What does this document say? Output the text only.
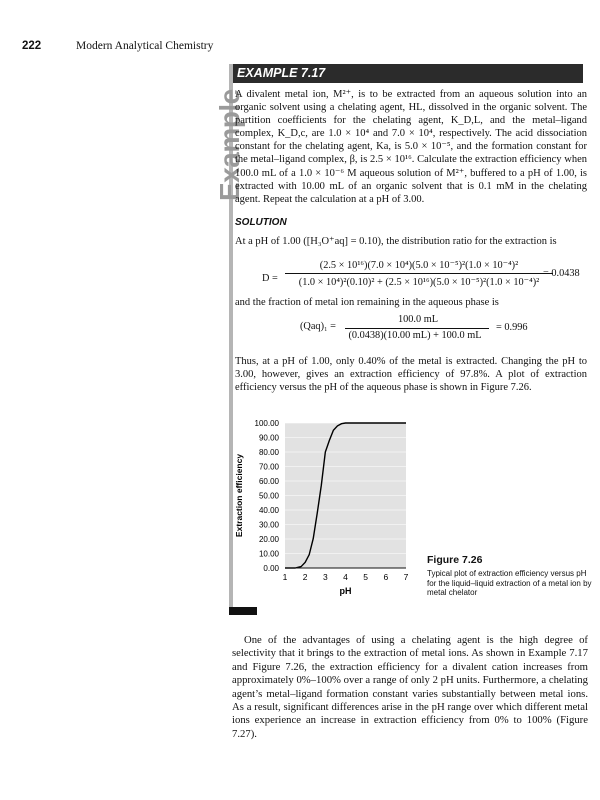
222	Modern Analytical Chemistry
Example
EXAMPLE 7.17
A divalent metal ion, M²⁺, is to be extracted from an aqueous solution into an organic solvent using a chelating agent, HL, dissolved in the organic solvent. The partition coefficients for the chelating agent, K_D,L, and the metal–ligand complex, K_D,c, are 1.0 × 10⁴ and 7.0 × 10⁴, respectively. The acid dissociation constant for the chelating agent, Ka, is 5.0 × 10⁻⁵, and the formation constant for the metal–ligand complex, β, is 2.5 × 10¹⁶. Calculate the extraction efficiency when 100.0 mL of a 1.0 × 10⁻⁶ M aqueous solution of M²⁺, buffered to a pH of 1.00, is extracted with 10.00 mL of an organic solvent that is 0.1 mM in the chelating agent. Repeat the calculation at a pH of 3.00.
SOLUTION
At a pH of 1.00 ([H₃O⁺aq] = 0.10), the distribution ratio for the extraction is
D =
(2.5 × 10¹⁶)(7.0 × 10⁴)(5.0 × 10⁻⁵)²(1.0 × 10⁻⁴)²
(1.0 × 10⁴)²(0.10)² + (2.5 × 10¹⁶)(5.0 × 10⁻⁵)²(1.0 × 10⁻⁴)²
= 0.0438
and the fraction of metal ion remaining in the aqueous phase is
(Qaq)₁ =
100.0 mL
(0.0438)(10.00 mL) + 100.0 mL
= 0.996
Thus, at a pH of 1.00, only 0.40% of the metal is extracted. Changing the pH to 3.00, however, gives an extraction efficiency of 97.8%. A plot of extraction efficiency versus the pH of the aqueous phase is shown in Figure 7.26.
0.00
10.00
20.00
30.00
40.00
50.00
60.00
70.00
80.00
90.00
100.00
1 2 3 4 5 6 7
Extraction efficiency
pH
Figure 7.26
Typical plot of extraction efficiency versus pH for the liquid–liquid extraction of a metal ion by metal chelator
One of the advantages of using a chelating agent is the high degree of selectivity that it brings to the extraction of metal ions. As shown in Example 7.17 and Figure 7.26, the extraction efficiency for a divalent cation increases from approximately 0%–100% over a range of only 2 pH units. Furthermore, a chelating agent’s metal–ligand formation constant varies substantially between metal ions. As a result, significant differences arise in the pH range over which different metal ions experience an increase in extraction efficiency from 0% to 100% (Figure 7.27).
